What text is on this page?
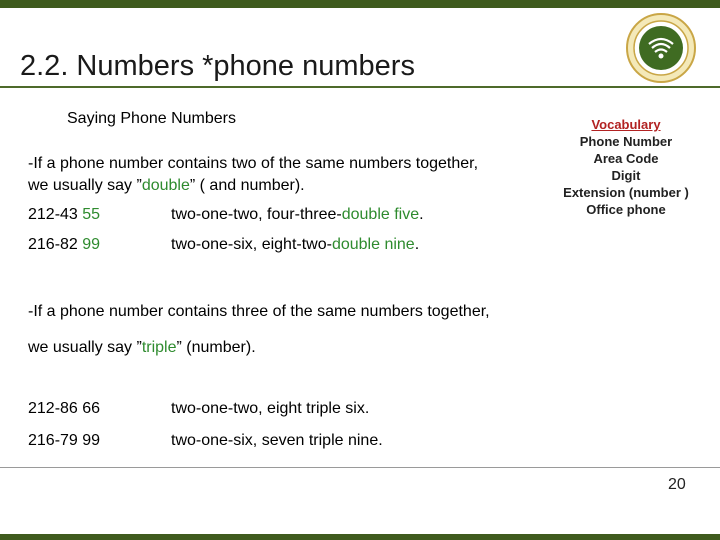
2.2. Numbers *phone numbers
Saying Phone Numbers
-If a phone number contains two of the same numbers together,
we usually say ”double” ( and number).
212-43 55	two-one-two, four-three-double five.
216-82 99	two-one-six, eight-two-double nine.
-If a phone number contains three of the same numbers together,
we usually say ”triple” (number).
212-86 66	two-one-two, eight triple six.
216-79 99	two-one-six, seven triple nine.
Vocabulary
Phone Number
Area Code
Digit
Extension (number )
Office phone
20
